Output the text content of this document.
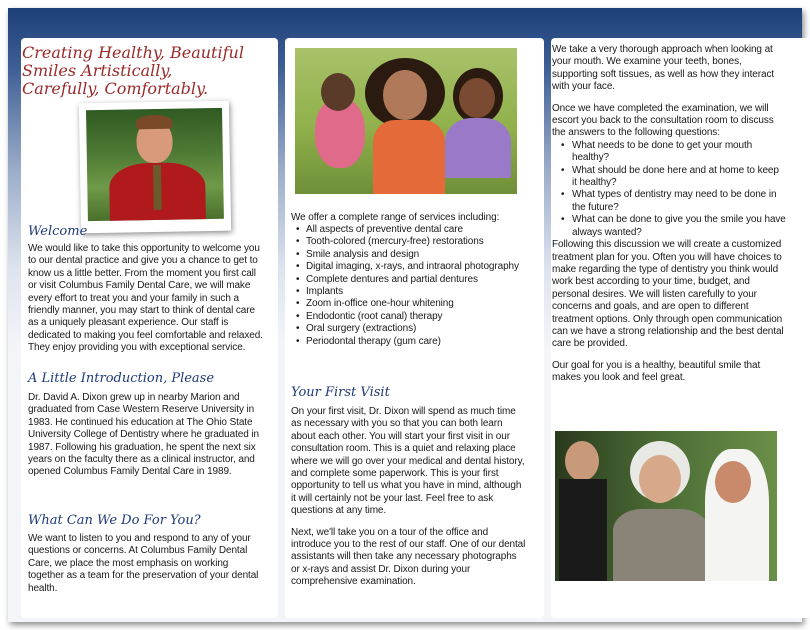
Creating Healthy, Beautiful Smiles Artistically, Carefully, Comfortably.
Welcome
We would like to take this opportunity to welcome you to our dental practice and give you a chance to get to know us a little better. From the moment you first call or visit Columbus Family Dental Care, we will make every effort to treat you and your family in such a friendly manner, you may start to think of dental care as a uniquely pleasant experience. Our staff is dedicated to making you feel comfortable and relaxed. They enjoy providing you with exceptional service.
A Little Introduction, Please
Dr. David A. Dixon grew up in nearby Marion and graduated from Case Western Reserve University in 1983. He continued his education at The Ohio State University College of Dentistry where he graduated in 1987. Following his graduation, he spent the next six years on the faculty there as a clinical instructor, and opened Columbus Family Dental Care in 1989.
What Can We Do For You?
We want to listen to you and respond to any of your questions or concerns. At Columbus Family Dental Care, we place the most emphasis on working together as a team for the preservation of your dental health.
We offer a complete range of services including:
• All aspects of preventive dental care
• Tooth-colored (mercury-free) restorations
• Smile analysis and design
• Digital imaging, x-rays, and intraoral photography
• Complete dentures and partial dentures
• Implants
• Zoom in-office one-hour whitening
• Endodontic (root canal) therapy
• Oral surgery (extractions)
• Periodontal therapy (gum care)
Your First Visit

On your first visit, Dr. Dixon will spend as much time as necessary with you so that you can both learn about each other. You will start your first visit in our consultation room. This is a quiet and relaxing place where we will go over your medical and dental history, and complete some paperwork. This is your first opportunity to tell us what you have in mind, although it will certainly not be your last. Feel free to ask questions at any time.

Next, we'll take you on a tour of the office and introduce you to the rest of our staff. One of our dental assistants will then take any necessary photographs or x-rays and assist Dr. Dixon during your comprehensive examination.

We take a very thorough approach when looking at your mouth. We examine your teeth, bones, supporting soft tissues, as well as how they interact with your face.

Once we have completed the examination, we will escort you back to the consultation room to discuss the answers to the following questions:

• What needs to be done to get your mouth healthy?
• What should be done here and at home to keep it healthy?
• What types of dentistry may need to be done in the future?
• What can be done to give you the smile you have always wanted?

Following this discussion we will create a customized treatment plan for you. Often you will have choices to make regarding the type of dentistry you think would work best according to your time, budget, and personal desires. We will listen carefully to your concerns and goals, and are open to different treatment options. Only through open communication can we have a strong relationship and the best dental care be provided.

Our goal for you is a healthy, beautiful smile that makes you look and feel great.
